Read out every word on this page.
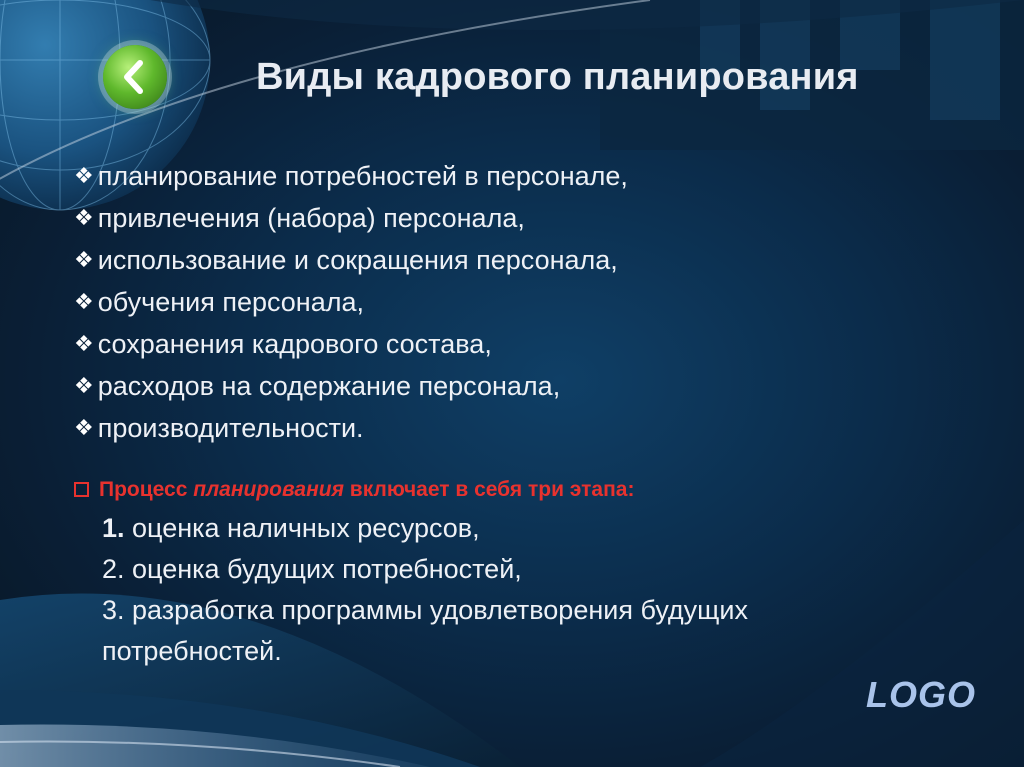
Виды кадрового планирования
❖ планирование потребностей в персонале,
❖ привлечения (набора) персонала,
❖ использование и сокращения персонала,
❖ обучения персонала,
❖ сохранения кадрового состава,
❖ расходов на содержание персонала,
❖ производительности.
Процесс планирования включает в себя три этапа:
1. оценка наличных ресурсов,
2. оценка будущих потребностей,
3. разработка программы удовлетворения будущих
потребностей.
LOGO
